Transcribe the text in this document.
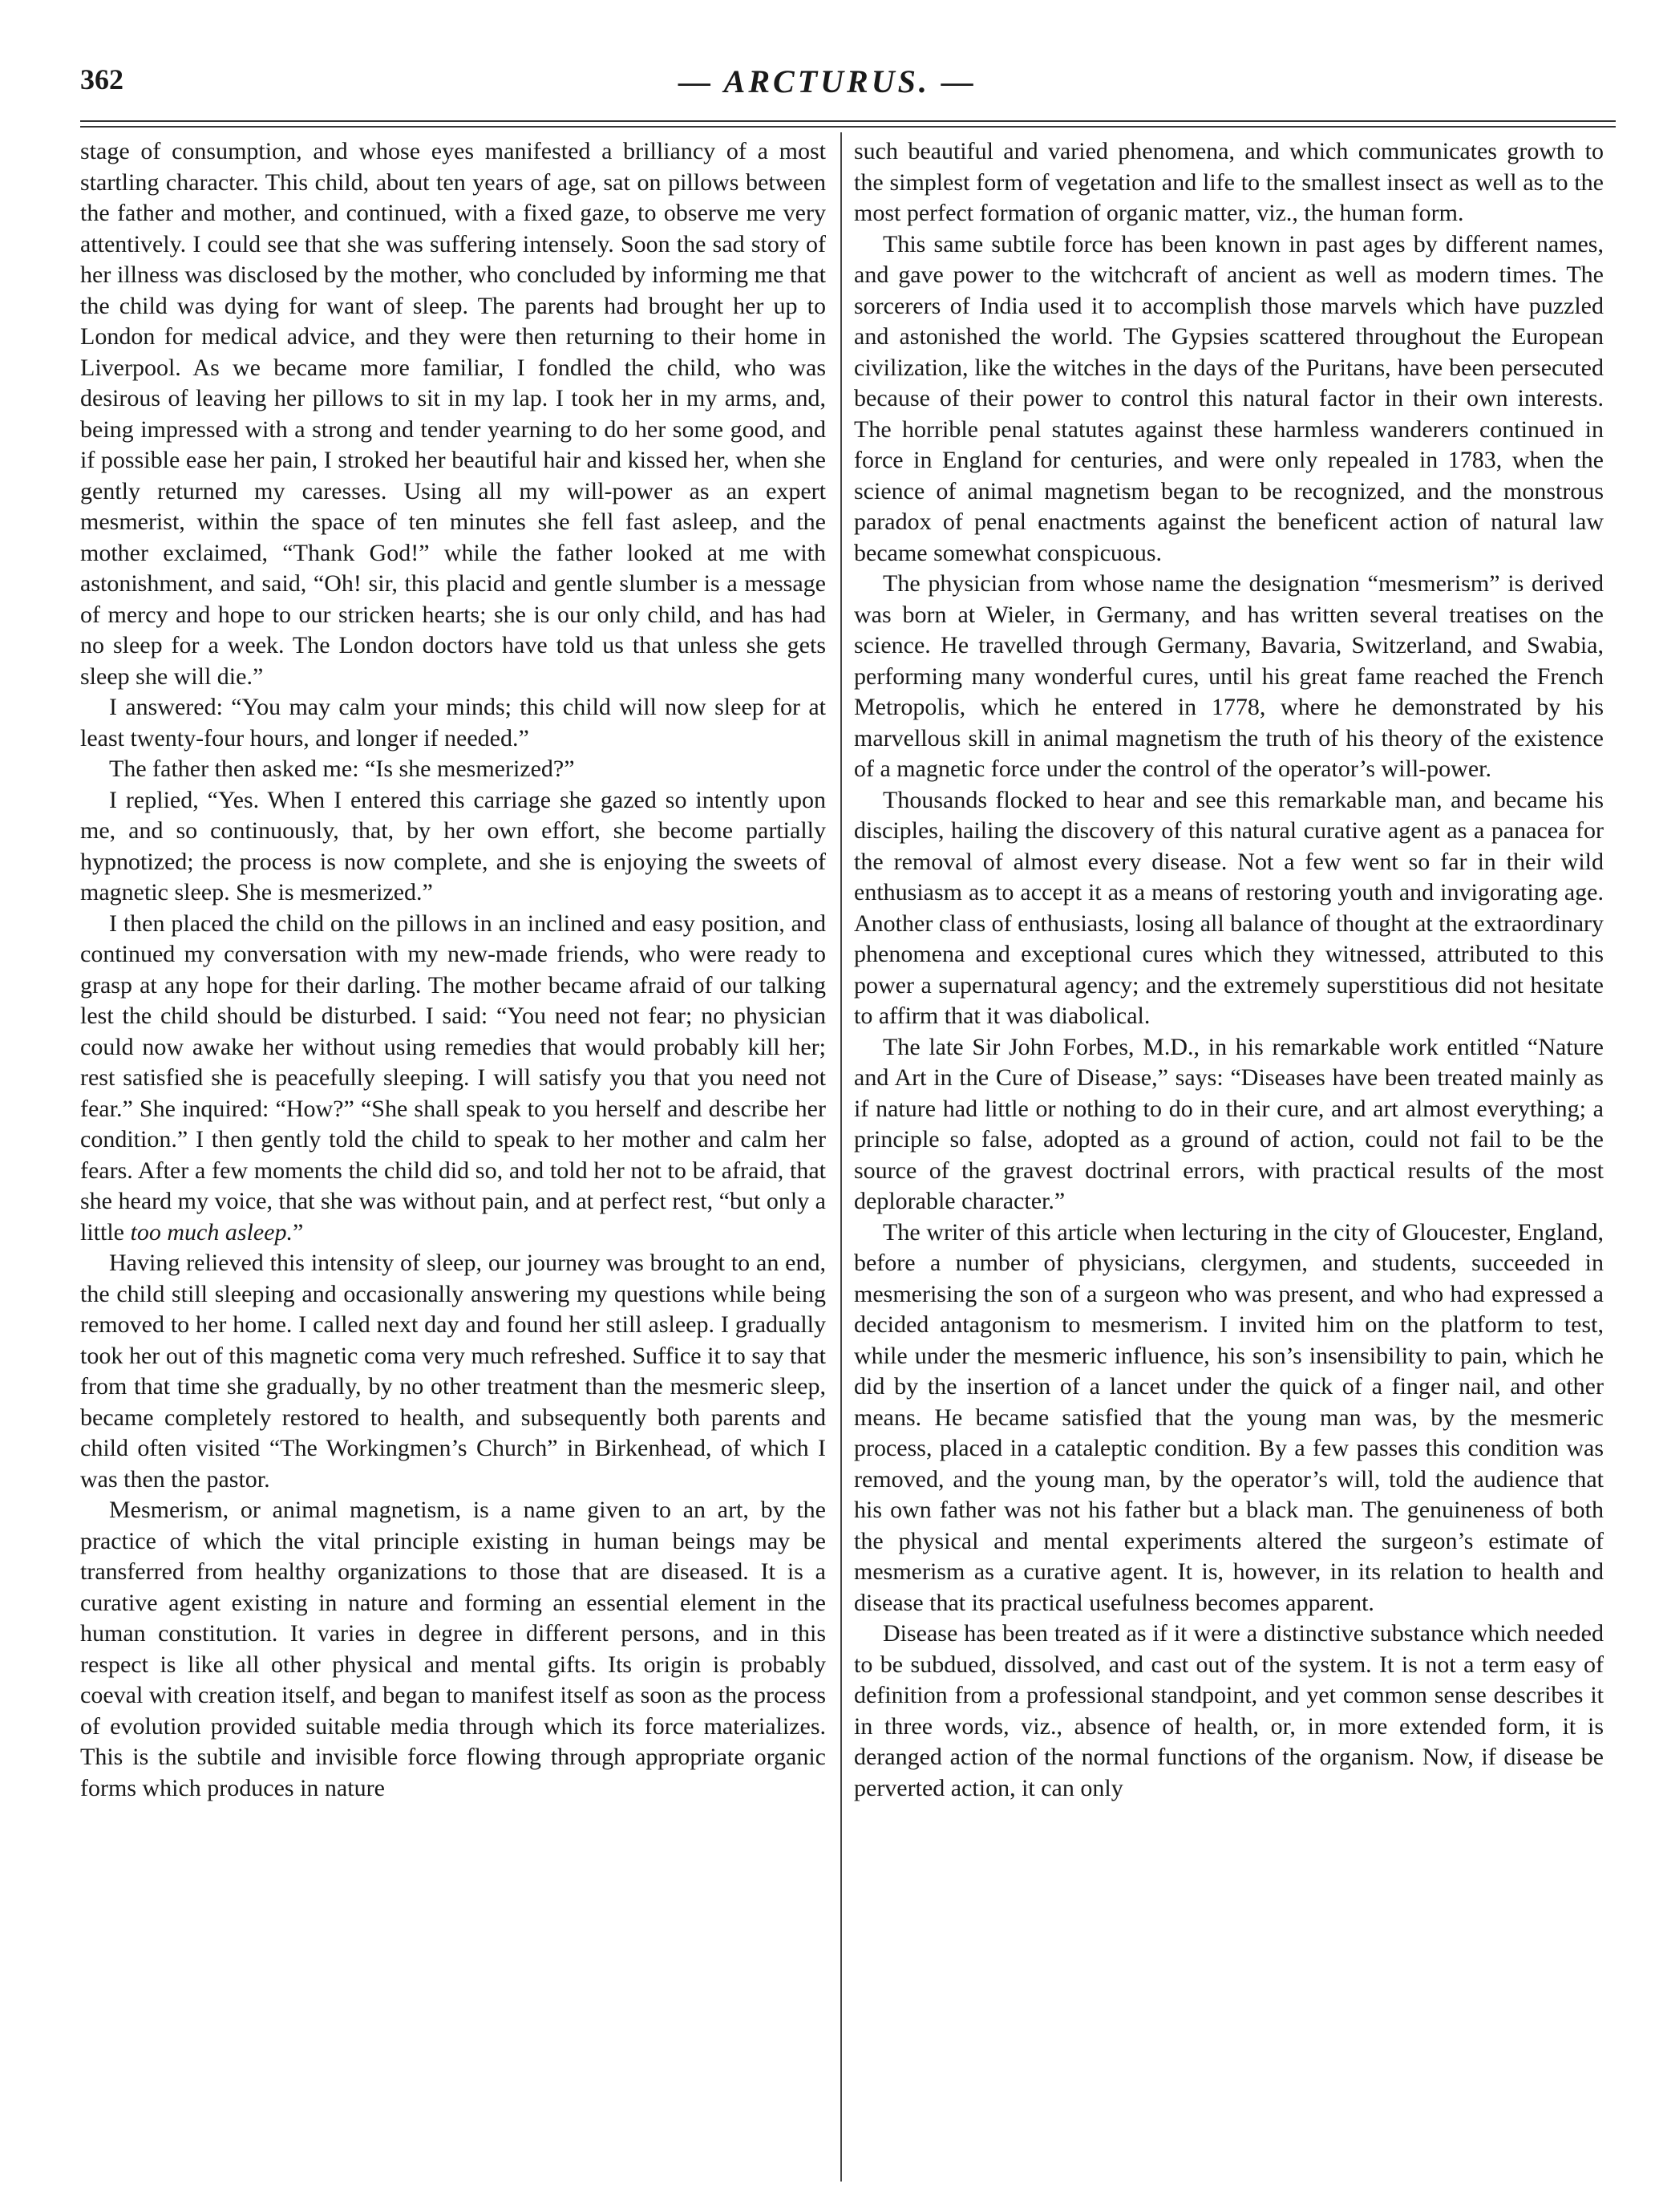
362	— ARCTURUS. —

stage of consumption, and whose eyes manifested a brilliancy of a most startling character. This child, about ten years of age, sat on pillows between the father and mother, and continued, with a fixed gaze, to observe me very attentively. I could see that she was suffering intensely. Soon the sad story of her illness was disclosed by the mother, who concluded by informing me that the child was dying for want of sleep. The parents had brought her up to London for medical advice, and they were then returning to their home in Liverpool. As we became more familiar, I fondled the child, who was desirous of leaving her pillows to sit in my lap. I took her in my arms, and, being impressed with a strong and tender yearning to do her some good, and if possible ease her pain, I stroked her beautiful hair and kissed her, when she gently returned my caresses. Using all my will-power as an expert mesmerist, within the space of ten minutes she fell fast asleep, and the mother exclaimed, “Thank God!” while the father looked at me with astonishment, and said, “Oh! sir, this placid and gentle slumber is a message of mercy and hope to our stricken hearts; she is our only child, and has had no sleep for a week. The London doctors have told us that unless she gets sleep she will die.”

I answered: “You may calm your minds; this child will now sleep for at least twenty-four hours, and longer if needed.”

The father then asked me: “Is she mesmerized?”

I replied, “Yes. When I entered this carriage she gazed so intently upon me, and so continuously, that, by her own effort, she become partially hypnotized; the process is now complete, and she is enjoying the sweets of magnetic sleep. She is mesmerized.”

I then placed the child on the pillows in an inclined and easy position, and continued my conversation with my new-made friends, who were ready to grasp at any hope for their darling. The mother became afraid of our talking lest the child should be disturbed. I said: “You need not fear; no physician could now awake her without using remedies that would probably kill her; rest satisfied she is peacefully sleeping. I will satisfy you that you need not fear.” She inquired: “How?” “She shall speak to you herself and describe her condition.” I then gently told the child to speak to her mother and calm her fears. After a few moments the child did so, and told her not to be afraid, that she heard my voice, that she was without pain, and at perfect rest, “but only a little too much asleep.”

Having relieved this intensity of sleep, our journey was brought to an end, the child still sleeping and occasionally answering my questions while being removed to her home. I called next day and found her still asleep. I gradually took her out of this magnetic coma very much refreshed. Suffice it to say that from that time she gradually, by no other treatment than the mesmeric sleep, became completely restored to health, and subsequently both parents and child often visited “The Workingmen’s Church” in Birkenhead, of which I was then the pastor.

Mesmerism, or animal magnetism, is a name given to an art, by the practice of which the vital principle existing in human beings may be transferred from healthy organizations to those that are diseased. It is a curative agent existing in nature and forming an essential element in the human constitution. It varies in degree in different persons, and in this respect is like all other physical and mental gifts. Its origin is probably coeval with creation itself, and began to manifest itself as soon as the process of evolution provided suitable media through which its force materializes. This is the subtile and invisible force flowing through appropriate organic forms which produces in nature

such beautiful and varied phenomena, and which communicates growth to the simplest form of vegetation and life to the smallest insect as well as to the most perfect formation of organic matter, viz., the human form.

This same subtile force has been known in past ages by different names, and gave power to the witchcraft of ancient as well as modern times. The sorcerers of India used it to accomplish those marvels which have puzzled and astonished the world. The Gypsies scattered throughout the European civilization, like the witches in the days of the Puritans, have been persecuted because of their power to control this natural factor in their own interests. The horrible penal statutes against these harmless wanderers continued in force in England for centuries, and were only repealed in 1783, when the science of animal magnetism began to be recognized, and the monstrous paradox of penal enactments against the beneficent action of natural law became somewhat conspicuous.

The physician from whose name the designation “mesmerism” is derived was born at Wieler, in Germany, and has written several treatises on the science. He travelled through Germany, Bavaria, Switzerland, and Swabia, performing many wonderful cures, until his great fame reached the French Metropolis, which he entered in 1778, where he demonstrated by his marvellous skill in animal magnetism the truth of his theory of the existence of a magnetic force under the control of the operator’s will-power.

Thousands flocked to hear and see this remarkable man, and became his disciples, hailing the discovery of this natural curative agent as a panacea for the removal of almost every disease. Not a few went so far in their wild enthusiasm as to accept it as a means of restoring youth and invigorating age. Another class of enthusiasts, losing all balance of thought at the extraordinary phenomena and exceptional cures which they witnessed, attributed to this power a supernatural agency; and the extremely superstitious did not hesitate to affirm that it was diabolical.

The late Sir John Forbes, M.D., in his remarkable work entitled “Nature and Art in the Cure of Disease,” says: “Diseases have been treated mainly as if nature had little or nothing to do in their cure, and art almost everything; a principle so false, adopted as a ground of action, could not fail to be the source of the gravest doctrinal errors, with practical results of the most deplorable character.”

The writer of this article when lecturing in the city of Gloucester, England, before a number of physicians, clergymen, and students, succeeded in mesmerising the son of a surgeon who was present, and who had expressed a decided antagonism to mesmerism. I invited him on the platform to test, while under the mesmeric influence, his son’s insensibility to pain, which he did by the insertion of a lancet under the quick of a finger nail, and other means. He became satisfied that the young man was, by the mesmeric process, placed in a cataleptic condition. By a few passes this condition was removed, and the young man, by the operator’s will, told the audience that his own father was not his father but a black man. The genuineness of both the physical and mental experiments altered the surgeon’s estimate of mesmerism as a curative agent. It is, however, in its relation to health and disease that its practical usefulness becomes apparent.

Disease has been treated as if it were a distinctive substance which needed to be subdued, dissolved, and cast out of the system. It is not a term easy of definition from a professional standpoint, and yet common sense describes it in three words, viz., absence of health, or, in more extended form, it is deranged action of the normal functions of the organism. Now, if disease be perverted action, it can only
